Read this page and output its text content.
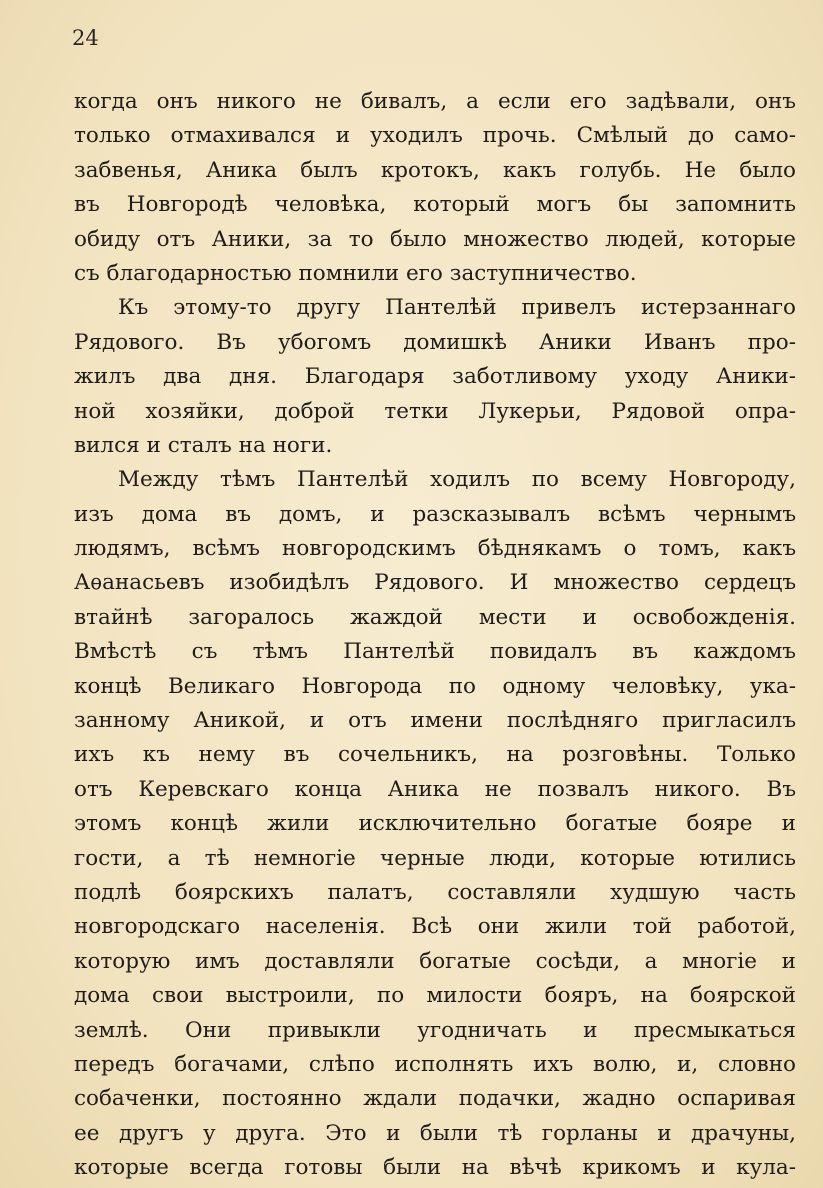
24
когда онъ никого не бивалъ, а если его задѣвали, онъ
только отмахивался и уходилъ прочь. Смѣлый до само-
забвенья, Аника былъ кротокъ, какъ голубь. Не было
въ Новгородѣ человѣка, который могъ бы запомнить
обиду отъ Аники, за то было множество людей, которые
съ благодарностью помнили его заступничество.
Къ этому-то другу Пантелѣй привелъ истерзаннаго
Рядового. Въ убогомъ домишкѣ Аники Иванъ про-
жилъ два дня. Благодаря заботливому уходу Аники-
ной хозяйки, доброй тетки Лукерьи, Рядовой опра-
вился и сталъ на ноги.
Между тѣмъ Пантелѣй ходилъ по всему Новгороду,
изъ дома въ домъ, и разсказывалъ всѣмъ чернымъ
людямъ, всѣмъ новгородскимъ бѣднякамъ о томъ, какъ
Аѳанасьевъ изобидѣлъ Рядового. И множество сердецъ
втайнѣ загоралось жаждой мести и освобожденія.
Вмѣстѣ съ тѣмъ Пантелѣй повидалъ въ каждомъ
концѣ Великаго Новгорода по одному человѣку, ука-
занному Аникой, и отъ имени послѣдняго пригласилъ
ихъ къ нему въ сочельникъ, на розговѣны. Только
отъ Керевскаго конца Аника не позвалъ никого. Въ
этомъ концѣ жили исключительно богатые бояре и
гости, а тѣ немногіе черные люди, которые ютились
подлѣ боярскихъ палатъ, составляли худшую часть
новгородскаго населенія. Всѣ они жили той работой,
которую имъ доставляли богатые сосѣди, а многіе и
дома свои выстроили, по милости бояръ, на боярской
землѣ. Они привыкли угодничать и пресмыкаться
передъ богачами, слѣпо исполнять ихъ волю, и, словно
собаченки, постоянно ждали подачки, жадно оспаривая
ее другъ у друга. Это и были тѣ горланы и драчуны,
которые всегда готовы были на вѣчѣ крикомъ и кула-
